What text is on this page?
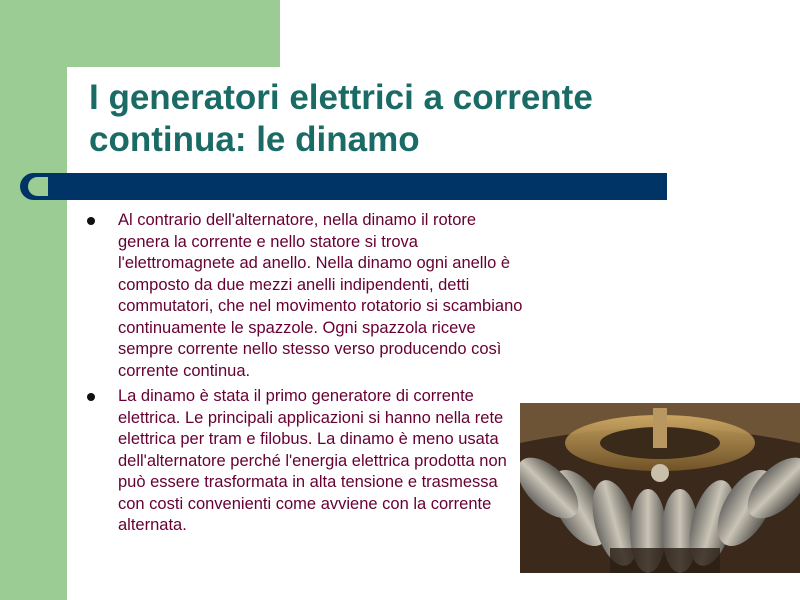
I generatori elettrici a corrente
continua: le dinamo
Al contrario dell'alternatore, nella dinamo il rotore genera la corrente e nello statore si trova l'elettromagnete ad anello. Nella dinamo ogni anello è composto da due mezzi anelli indipendenti, detti commutatori, che nel movimento rotatorio si scambiano continuamente le spazzole. Ogni spazzola riceve sempre corrente nello stesso verso producendo così corrente continua.
La dinamo è stata il primo generatore di corrente elettrica. Le principali applicazioni si hanno nella rete elettrica per tram e filobus. La dinamo è meno usata dell'alternatore perché l'energia elettrica prodotta non può essere trasformata in alta tensione e trasmessa con costi convenienti come avviene con la corrente alternata.
